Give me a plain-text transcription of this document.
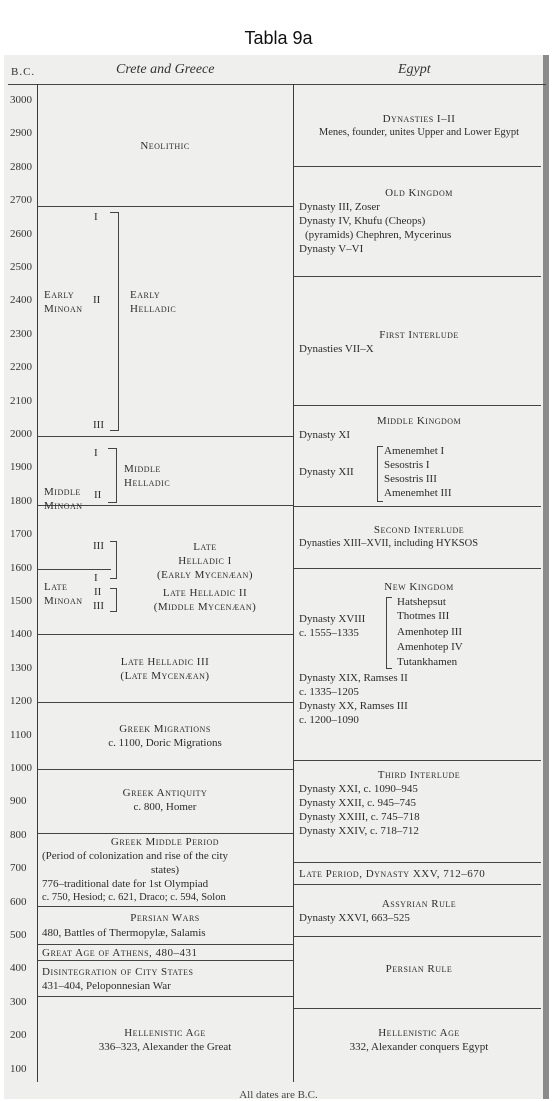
Tabla 9a
B.C.	Crete and Greece	Egypt
3000
2900
2800
2700
2600
2500
2400
2300
2200
2100
2000
1900
1800
1700
1600
1500
1400
1300
1200
1100
1000
900
800
700
600
500
400
300
200
100
Neolithic
I
II
III
Early
Minoan
Early
Helladic
I
II
Middle
Minoan
Middle
Helladic
III
I
II
III
Late
Minoan
Late
Helladic I
(Early Mycenæan)
Late Helladic II
(Middle Mycenæan)
Late Helladic III
(Late Mycenæan)
Greek Migrations
c. 1100, Doric Migrations
Greek Antiquity
c. 800, Homer
Greek Middle Period
(Period of colonization and rise of the city
states)
776–traditional date for 1st Olympiad
c. 750, Hesiod; c. 621, Draco; c. 594, Solon
Persian Wars
480, Battles of Thermopylæ, Salamis
Great Age of Athens, 480–431
Disintegration of City States
431–404, Peloponnesian War
Hellenistic Age
336–323, Alexander the Great
Dynasties I–II
Menes, founder, unites Upper and Lower Egypt
Old Kingdom
Dynasty III, Zoser
Dynasty IV, Khufu (Cheops)
(pyramids) Chephren, Mycerinus
Dynasty V–VI
First Interlude
Dynasties VII–X
Middle Kingdom
Dynasty XI
Dynasty XII
Amenemhet I
Sesostris I
Sesostris III
Amenemhet III
Second Interlude
Dynasties XIII–XVII, including HYKSOS
New Kingdom
Dynasty XVIII
c. 1555–1335
Hatshepsut
Thotmes III
Amenhotep III
Amenhotep IV
Tutankhamen
Dynasty XIX, Ramses II
c. 1335–1205
Dynasty XX, Ramses III
c. 1200–1090
Third Interlude
Dynasty XXI, c. 1090–945
Dynasty XXII, c. 945–745
Dynasty XXIII, c. 745–718
Dynasty XXIV, c. 718–712
Late Period, Dynasty XXV, 712–670
Assyrian Rule
Dynasty XXVI, 663–525
Persian Rule
Hellenistic Age
332, Alexander conquers Egypt
All dates are B.C.
